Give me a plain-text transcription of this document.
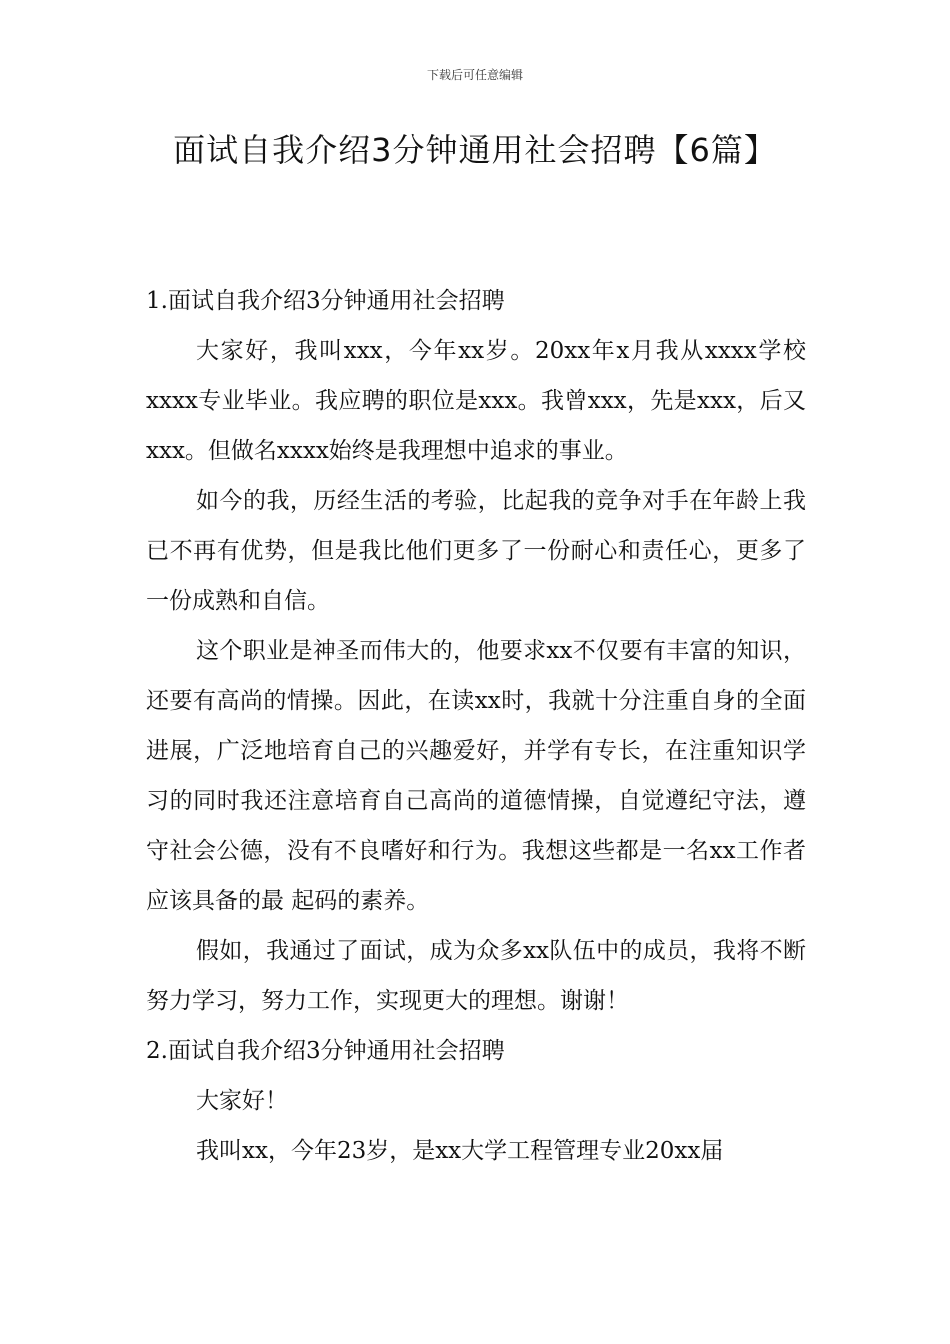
下载后可任意编辑
面试自我介绍3分钟通用社会招聘【6篇】
1.面试自我介绍3分钟通用社会招聘

大家好，我叫xxx，今年xx岁。20xx年x月我从xxxx学校xxxx专业毕业。我应聘的职位是xxx。我曾xxx，先是xxx，后又xxx。但做名xxxx始终是我理想中追求的事业。

如今的我，历经生活的考验，比起我的竞争对手在年龄上我已不再有优势，但是我比他们更多了一份耐心和责任心，更多了一份成熟和自信。

这个职业是神圣而伟大的，他要求xx不仅要有丰富的知识，还要有高尚的情操。因此，在读xx时，我就十分注重自身的全面进展，广泛地培育自己的兴趣爱好，并学有专长，在注重知识学习的同时我还注意培育自己高尚的道德情操，自觉遵纪守法，遵守社会公德，没有不良嗜好和行为。我想这些都是一名xx工作者应该具备的最 起码的素养。

假如，我通过了面试，成为众多xx队伍中的成员，我将不断努力学习，努力工作，实现更大的理想。谢谢！

2.面试自我介绍3分钟通用社会招聘

大家好！

我叫xx，今年23岁，是xx大学工程管理专业20xx届
